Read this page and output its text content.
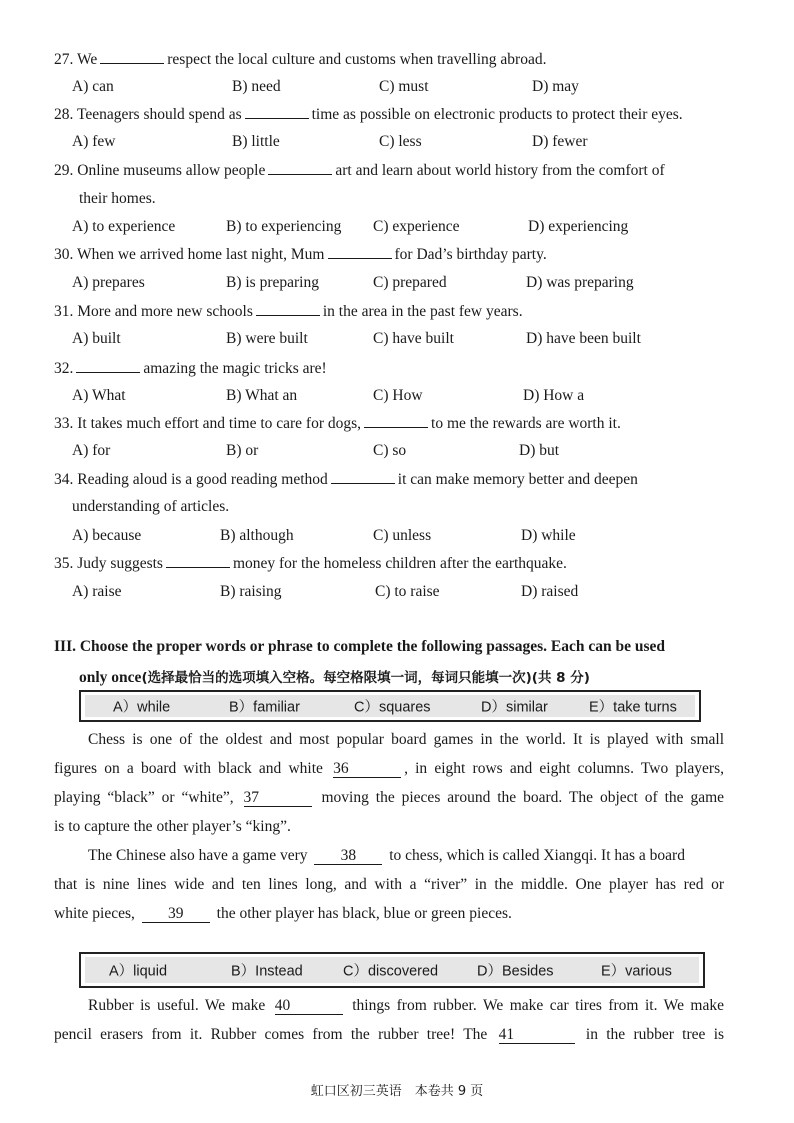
27. We	respect the local culture and customs when travelling abroad.
A) can	B) need	C) must	D) may
28. Teenagers should spend as	time as possible on electronic products to protect their eyes.
A) few	B) little	C) less	D) fewer
29. Online museums allow people	art and learn about world history from the comfort of
their homes.
A) to experience	B) to experiencing C) experience	D) experiencing
30. When we arrived home last night, Mum	for Dad’s birthday party.
A) prepares	B) is preparing	C) prepared	D) was preparing
31. More and more new schools	in the area in the past few years.
A) built	B) were built	C) have built	D) have been built
32.	amazing the magic tricks are!
A) What	B) What an	C) How	D) How a
33. It takes much effort and time to care for dogs,	to me the rewards are worth it.
A) for	B) or	C) so	D) but
34. Reading aloud is a good reading method	it can make memory better and deepen
understanding of articles.
A) because	B) although	C) unless	D) while
35. Judy suggests	money for the homeless children after the earthquake.
A) raise	B) raising	C) to raise	D) raised
III. Choose the proper words or phrase to complete the following passages. Each can be used
only once(选择最恰当的选项填入空格。每空格限填一词，每词只能填一次)(共 8 分)
A）while	B）familiar	C）squares	D）similar	E）take turns
Chess is one of the oldest and most popular board games in the world. It is played with small
figures on a board with black and white 36	, in eight rows and eight columns. Two players,
playing “black” or “white”, 37	moving the pieces around the board. The object of the game
is to capture the other player’s “king”.
The Chinese also have a game very 38 to chess, which is called Xiangqi. It has a board
that is nine lines wide and ten lines long, and with a “river” in the middle. One player has red or
white pieces, 39 the other player has black, blue or green pieces.
A）liquid	B）Instead	C）discovered	D）Besides	E）various
Rubber is useful. We make 40	things from rubber. We make car tires from it. We make
pencil erasers from it. Rubber comes from the rubber tree! The 41	in the rubber tree is
虹口区初三英语　本卷共 9 页
